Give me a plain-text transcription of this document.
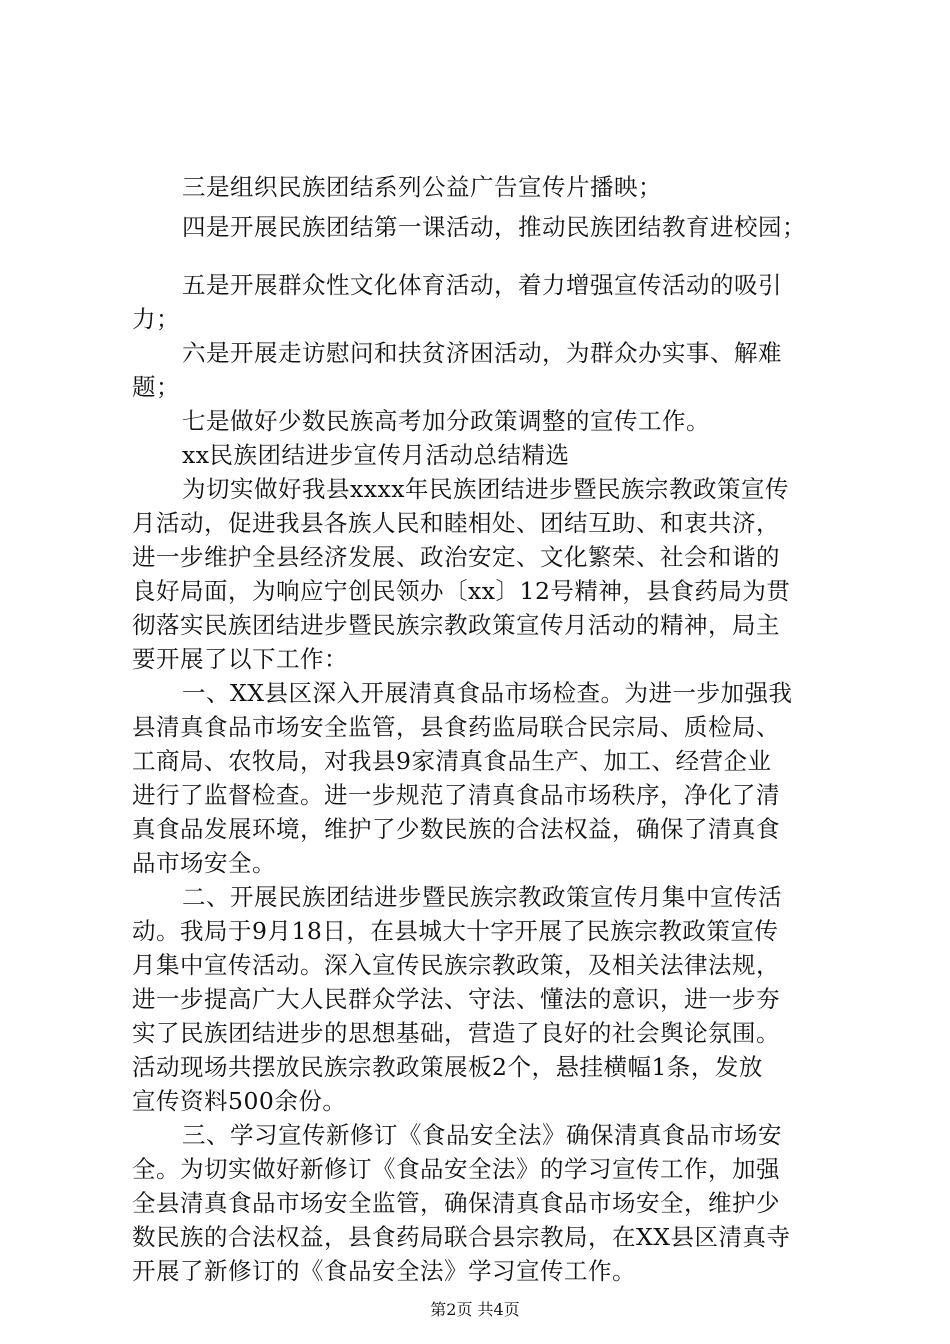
三是组织民族团结系列公益广告宣传片播映；
四是开展民族团结第一课活动，推动民族团结教育进校园；
五是开展群众性文化体育活动，着力增强宣传活动的吸引
力；
六是开展走访慰问和扶贫济困活动，为群众办实事、解难
题；
七是做好少数民族高考加分政策调整的宣传工作。
xx民族团结进步宣传月活动总结精选
为切实做好我县xxxx年民族团结进步暨民族宗教政策宣传
月活动，促进我县各族人民和睦相处、团结互助、和衷共济，
进一步维护全县经济发展、政治安定、文化繁荣、社会和谐的
良好局面，为响应宁创民领办〔xx〕12号精神，县食药局为贯
彻落实民族团结进步暨民族宗教政策宣传月活动的精神，局主
要开展了以下工作：
一、XX县区深入开展清真食品市场检查。为进一步加强我
县清真食品市场安全监管，县食药监局联合民宗局、质检局、
工商局、农牧局，对我县9家清真食品生产、加工、经营企业
进行了监督检查。进一步规范了清真食品市场秩序，净化了清
真食品发展环境，维护了少数民族的合法权益，确保了清真食
品市场安全。
二、开展民族团结进步暨民族宗教政策宣传月集中宣传活
动。我局于9月18日，在县城大十字开展了民族宗教政策宣传
月集中宣传活动。深入宣传民族宗教政策，及相关法律法规，
进一步提高广大人民群众学法、守法、懂法的意识，进一步夯
实了民族团结进步的思想基础，营造了良好的社会舆论氛围。
活动现场共摆放民族宗教政策展板2个，悬挂横幅1条，发放
宣传资料500余份。
三、学习宣传新修订《食品安全法》确保清真食品市场安
全。为切实做好新修订《食品安全法》的学习宣传工作，加强
全县清真食品市场安全监管，确保清真食品市场安全，维护少
数民族的合法权益，县食药局联合县宗教局，在XX县区清真寺
开展了新修订的《食品安全法》学习宣传工作。
第2页 共4页
